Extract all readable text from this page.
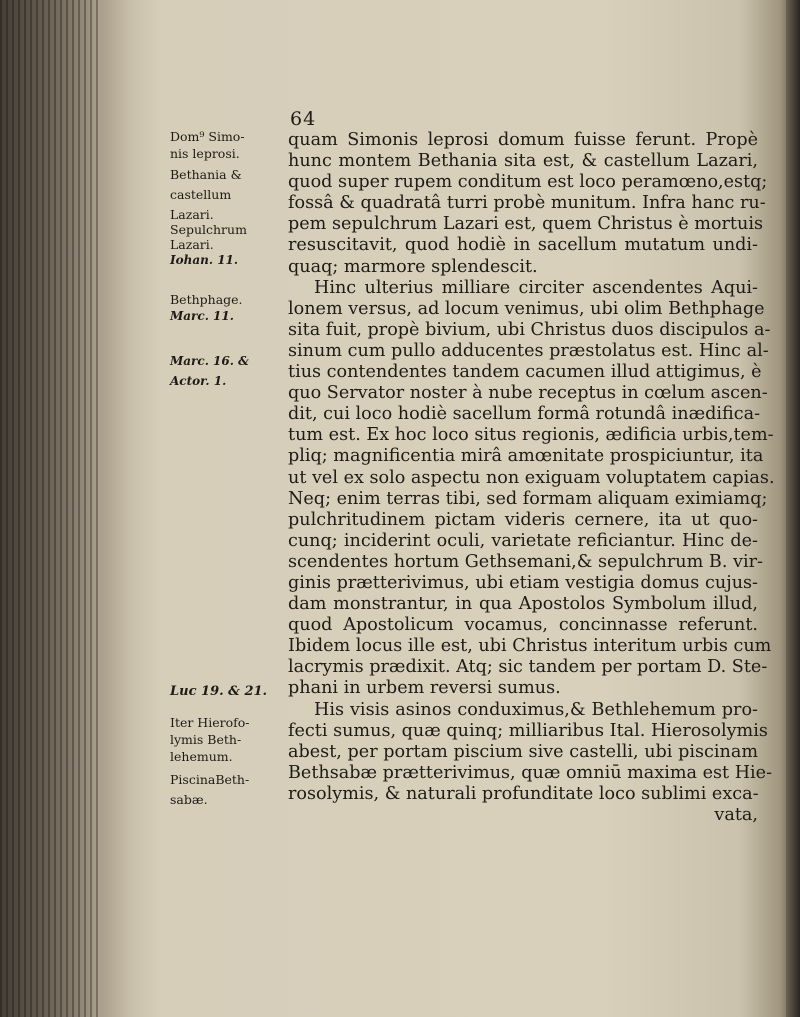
64
Dom⁹ Simo-
nis leprosi.
Bethania &
castellum
Lazari.
Sepulchrum
Lazari.
Iohan. 11.
Bethphage.
Marc. 11.
Marc. 16. &
Actor. 1.
Iter Hierofo-
lymis Beth-
lehemum.
PiscinaBeth-
sabæ.
Luc 19. & 21.
quam Simonis leprosi domum fuisse ferunt. Propè
hunc montem Bethania sita est, & castellum Lazari,
quod super rupem conditum est loco peramœno,estq;
fossâ & quadratâ turri probè munitum. Infra hanc ru-
pem sepulchrum Lazari est, quem Christus è mortuis
resuscitavit, quod hodiè in sacellum mutatum undi-
quaq; marmore splendescit.
Hinc ulterius milliare circiter ascendentes Aqui-
lonem versus, ad locum venimus, ubi olim Bethphage
sita fuit, propè bivium, ubi Christus duos discipulos a-
sinum cum pullo adducentes præstolatus est. Hinc al-
tius contendentes tandem cacumen illud attigimus, è
quo Servator noster à nube receptus in cœlum ascen-
dit, cui loco hodiè sacellum formâ rotundâ inædifica-
tum est. Ex hoc loco situs regionis, ædificia urbis,tem-
pliq; magnificentia mirâ amœnitate prospiciuntur, ita
ut vel ex solo aspectu non exiguam voluptatem capias.
Neq; enim terras tibi, sed formam aliquam eximiamq;
pulchritudinem pictam videris cernere, ita ut quo-
cunq; inciderint oculi, varietate reficiantur. Hinc de-
scendentes hortum Gethsemani,& sepulchrum B. vir-
ginis prætterivimus, ubi etiam vestigia domus cujus-
dam monstrantur, in qua Apostolos Symbolum illud,
quod Apostolicum vocamus, concinnasse referunt.
Ibidem locus ille est, ubi Christus interitum urbis cum
lacrymis prædixit. Atq; sic tandem per portam D. Ste-
phani in urbem reversi sumus.
His visis asinos conduximus,& Bethlehemum pro-
fecti sumus, quæ quinq; milliaribus Ital. Hierosolymis
abest, per portam piscium sive castelli, ubi piscinam
Bethsabæ prætterivimus, quæ omniū maxima est Hie-
rosolymis, & naturali profunditate loco sublimi exca-
vata,
